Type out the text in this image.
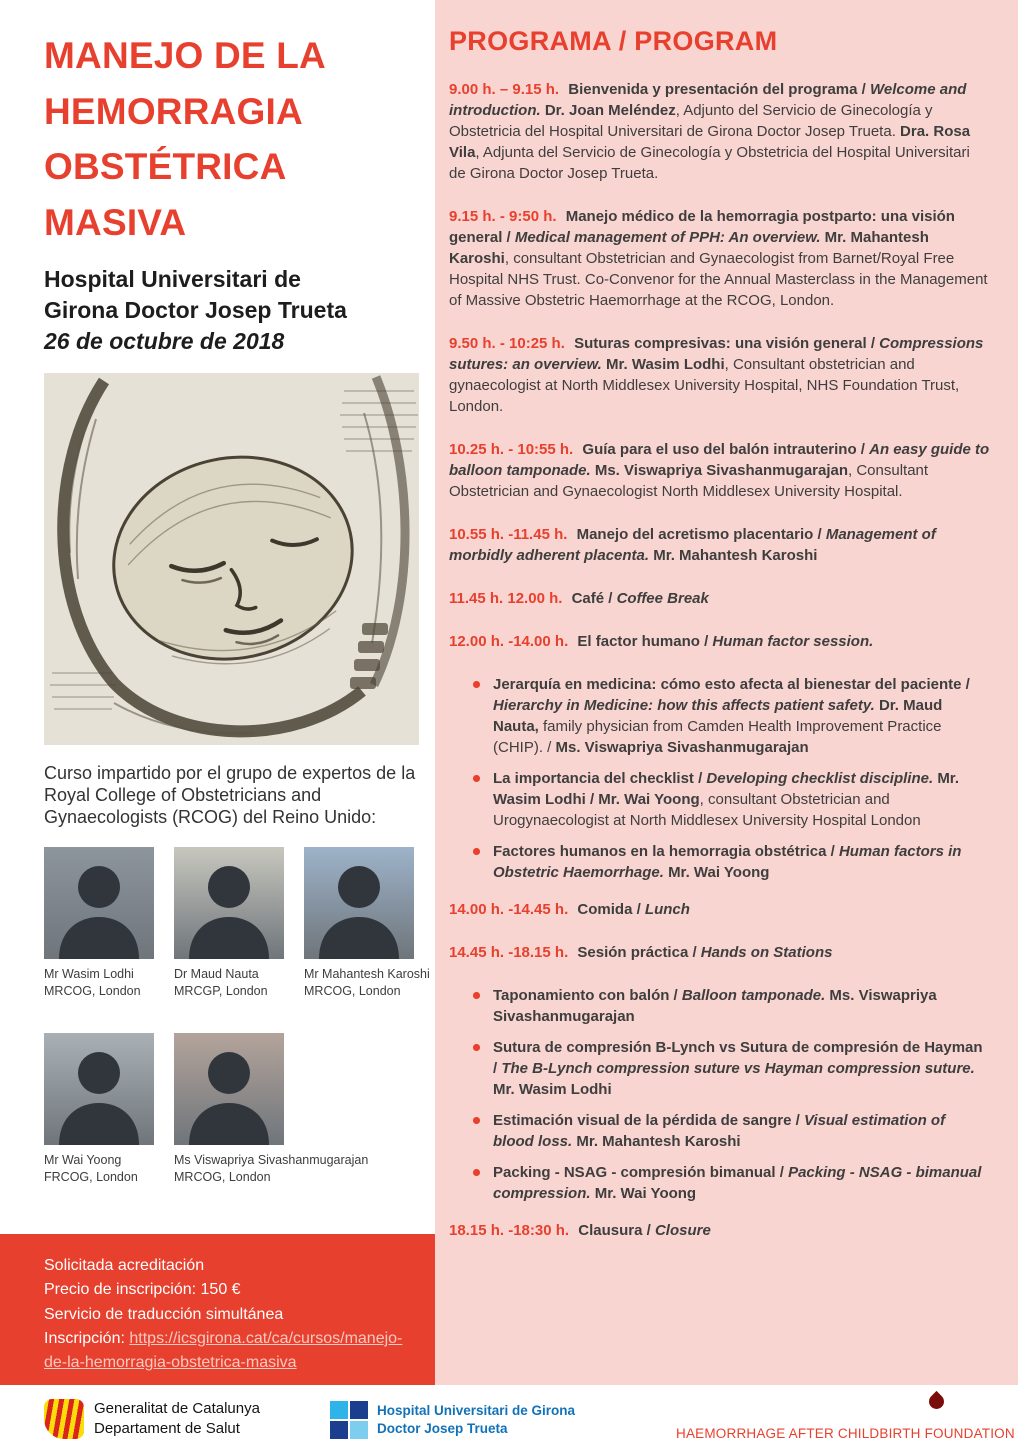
MANEJO DE LA
HEMORRAGIA
OBSTÉTRICA
MASIVA
Hospital Universitari de
Girona Doctor Josep Trueta
26 de octubre de 2018

Curso impartido por el grupo de expertos de la Royal College of Obstetricians and Gynaecologists (RCOG) del Reino Unido:

Mr Wasim Lodhi
MRCOG, London
Dr Maud Nauta
MRCGP, London
Mr Mahantesh Karoshi
MRCOG, London
Mr Wai Yoong
FRCOG, London
Ms Viswapriya Sivashanmugarajan
MRCOG, London
Solicitada acreditación
Precio de inscripción: 150 €
Servicio de traducción simultánea
Inscripción: https://icsgirona.cat/ca/cursos/manejo-de-la-hemorragia-obstetrica-masiva
PROGRAMA / PROGRAM

9.00 h. – 9.15 h. Bienvenida y presentación del programa / Welcome and introduction. Dr. Joan Meléndez, Adjunto del Servicio de Ginecología y Obstetricia del Hospital Universitari de Girona Doctor Josep Trueta. Dra. Rosa Vila, Adjunta del Servicio de Ginecología y Obstetricia del Hospital Universitari de Girona Doctor Josep Trueta.

9.15 h. - 9:50 h. Manejo médico de la hemorragia postparto: una visión general / Medical management of PPH: An overview. Mr. Mahantesh Karoshi, consultant Obstetrician and Gynaecologist from Barnet/Royal Free Hospital NHS Trust. Co-Convenor for the Annual Masterclass in the Management of Massive Obstetric Haemorrhage at the RCOG, London.

9.50 h. - 10:25 h. Suturas compresivas: una visión general / Compressions sutures: an overview. Mr. Wasim Lodhi, Consultant obstetrician and gynaecologist at North Middlesex University Hospital, NHS Foundation Trust, London.

10.25 h. - 10:55 h. Guía para el uso del balón intrauterino / An easy guide to balloon tamponade. Ms. Viswapriya Sivashanmugarajan, Consultant Obstetrician and Gynaecologist North Middlesex University Hospital.

10.55 h. -11.45 h. Manejo del acretismo placentario / Management of morbidly adherent placenta. Mr. Mahantesh Karoshi

11.45 h. 12.00 h. Café / Coffee Break

12.00 h. -14.00 h. El factor humano / Human factor session.

Jerarquía en medicina: cómo esto afecta al bienestar del paciente / Hierarchy in Medicine: how this affects patient safety. Dr. Maud Nauta, family physician from Camden Health Improvement Practice (CHIP). / Ms. Viswapriya Sivashanmugarajan
La importancia del checklist / Developing checklist discipline. Mr. Wasim Lodhi / Mr. Wai Yoong, consultant Obstetrician and Urogynaecologist at North Middlesex University Hospital London
Factores humanos en la hemorragia obstétrica / Human factors in Obstetric Haemorrhage. Mr. Wai Yoong

14.00 h. -14.45 h. Comida / Lunch

14.45 h. -18.15 h. Sesión práctica / Hands on Stations

Taponamiento con balón / Balloon tamponade. Ms. Viswapriya Sivashanmugarajan
Sutura de compresión B-Lynch vs Sutura de compresión de Hayman / The B-Lynch compression suture vs Hayman compression suture. Mr. Wasim Lodhi
Estimación visual de la pérdida de sangre / Visual estimation of blood loss. Mr. Mahantesh Karoshi
Packing - NSAG - compresión bimanual / Packing - NSAG - bimanual compression. Mr. Wai Yoong

18.15 h. -18:30 h. Clausura / Closure

Generalitat de Catalunya
Departament de Salut
Hospital Universitari de Girona
Doctor Josep Trueta	HAEMORRHAGE AFTER CHILDBIRTH FOUNDATION
